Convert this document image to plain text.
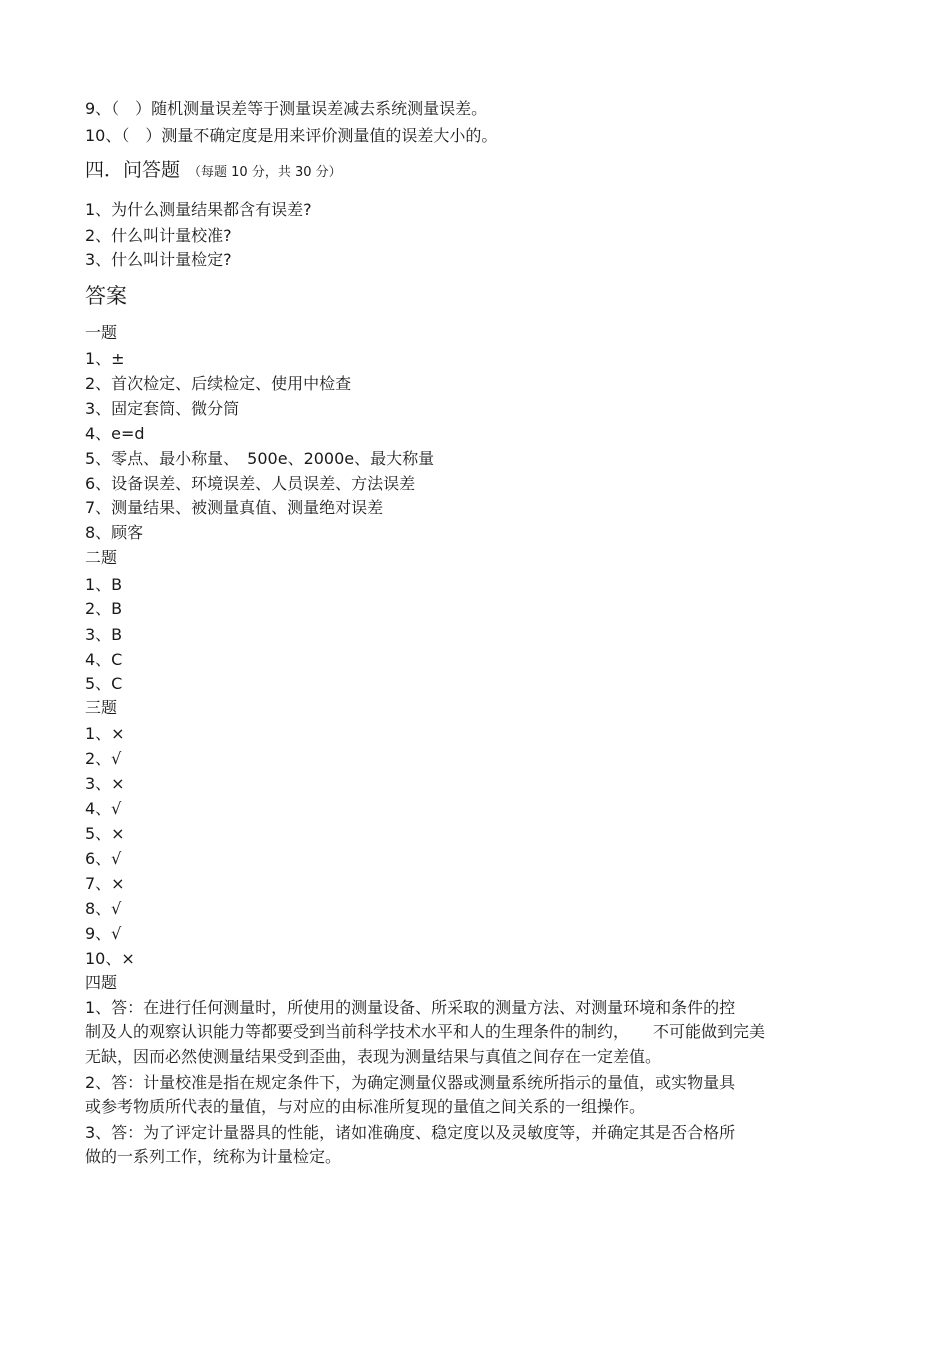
9、（　）随机测量误差等于测量误差减去系统测量误差。
10、（　）测量不确定度是用来评价测量值的误差大小的。
四．问答题 （每题 10 分，共 30 分）
1、为什么测量结果都含有误差?
2、什么叫计量校准?
3、什么叫计量检定?
答案
一题
1、±
2、首次检定、后续检定、使用中检查
3、固定套筒、微分筒
4、e=d
5、零点、最小称量、　500e、2000e、最大称量
6、设备误差、环境误差、人员误差、方法误差
7、测量结果、被测量真值、测量绝对误差
8、顾客
二题
1、B
2、B
3、B
4、C
5、C
三题
1、×
2、√
3、×
4、√
5、×
6、√
7、×
8、√
9、√
10、×
四题
1、答：在进行任何测量时，所使用的测量设备、所采取的测量方法、对测量环境和条件的控
制及人的观察认识能力等都要受到当前科学技术水平和人的生理条件的制约，　　不可能做到完美
无缺，因而必然使测量结果受到歪曲，表现为测量结果与真值之间存在一定差值。
2、答：计量校准是指在规定条件下，为确定测量仪器或测量系统所指示的量值，或实物量具
或参考物质所代表的量值，与对应的由标准所复现的量值之间关系的一组操作。
3、答：为了评定计量器具的性能，诸如准确度、稳定度以及灵敏度等，并确定其是否合格所
做的一系列工作，统称为计量检定。
